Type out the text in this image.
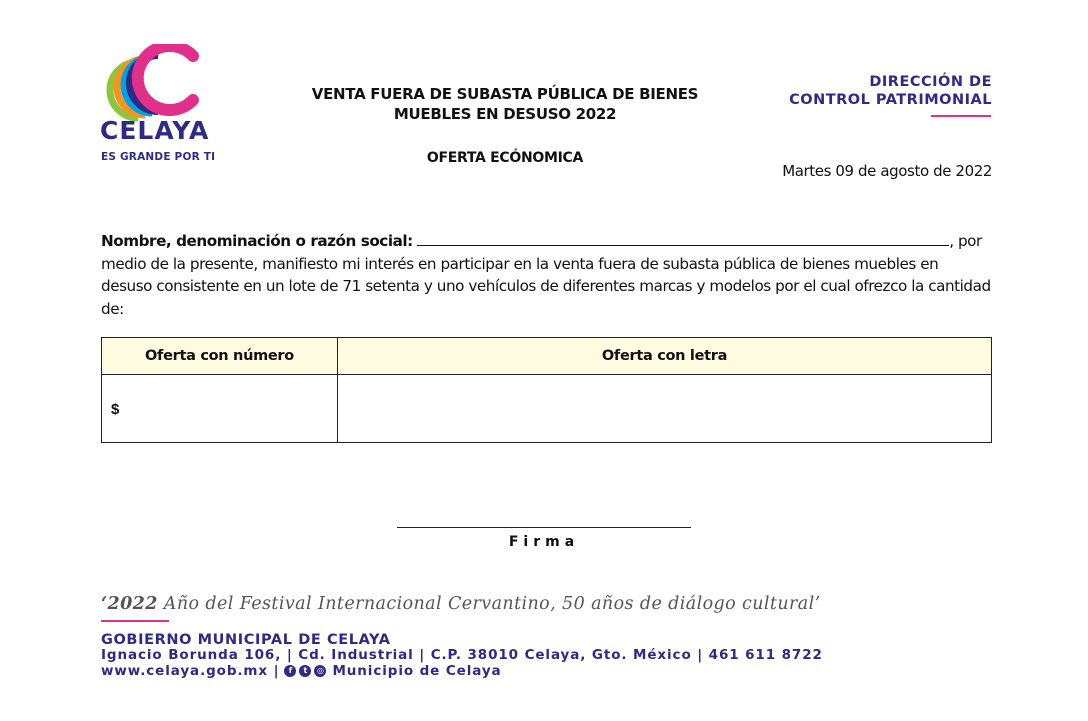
CELAYA
ES GRANDE POR TI
VENTA FUERA DE SUBASTA PÚBLICA DE BIENES
MUEBLES EN DESUSO 2022
OFERTA ECÓNOMICA
DIRECCIÓN DE
CONTROL PATRIMONIAL
Martes 09 de agosto de 2022
Nombre, denominación o razón social:	, por medio de la presente, manifiesto mi interés en participar en la venta fuera de subasta pública de bienes muebles en desuso consistente en un lote de 71 setenta y uno vehículos de diferentes marcas y modelos por el cual ofrezco la cantidad de:
Oferta con número	Oferta con letra
$
Firma
‘2022 Año del Festival Internacional Cervantino, 50 años de diálogo cultural’
GOBIERNO MUNICIPAL DE CELAYA
Ignacio Borunda 106, | Cd. Industrial | C.P. 38010 Celaya, Gto. México | 461 611 8722
www.celaya.gob.mx |	f	t	◎ Municipio de Celaya
